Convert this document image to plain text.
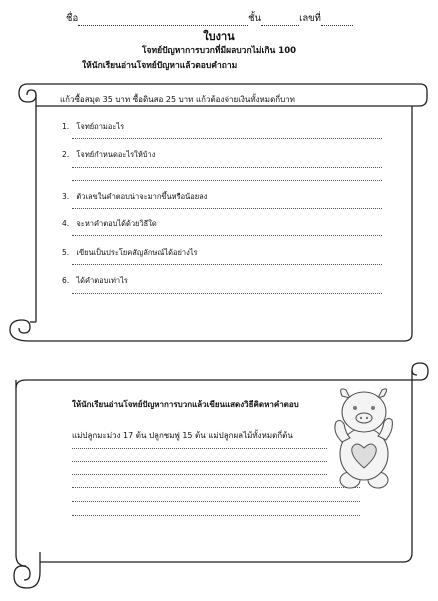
ชื่อ	ชั้น	เลขที่
ใบงาน
โจทย์ปัญหาการบวกที่มีผลบวกไม่เกิน 100
ให้นักเรียนอ่านโจทย์ปัญหาแล้วตอบคำถาม
แก้วซื้อสมุด 35 บาท ซื้อดินสอ 25 บาท แก้วต้องจ่ายเงินทั้งหมดกี่บาท
1. โจทย์ถามอะไร
2. โจทย์กำหนดอะไรให้บ้าง
3. ตัวเลขในคำตอบน่าจะมากขึ้นหรือน้อยลง
4. จะหาคำตอบได้ด้วยวิธีใด
5. เขียนเป็นประโยคสัญลักษณ์ได้อย่างไร
6. ได้คำตอบเท่าไร
ให้นักเรียนอ่านโจทย์ปัญหาการบวกแล้วเขียนแสดงวิธีคิดหาคำตอบ
แม่ปลูกมะม่วง 17 ต้น ปลูกชมพู่ 15 ต้น แม่ปลูกผลไม้ทั้งหมดกี่ต้น
